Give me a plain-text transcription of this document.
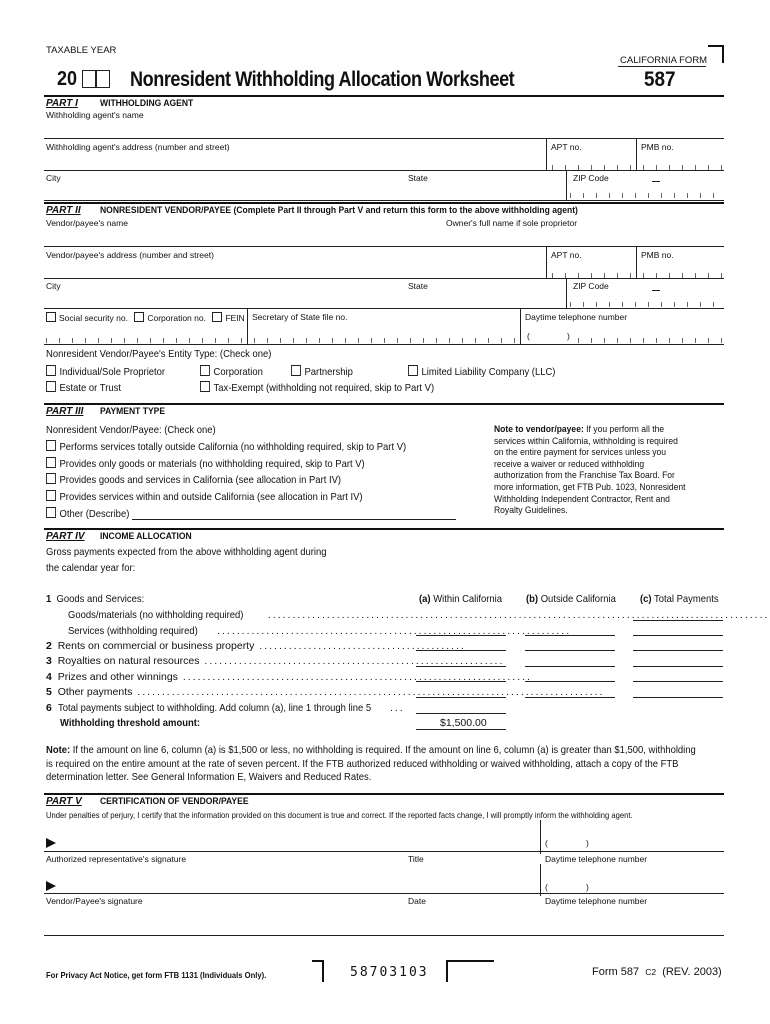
TAXABLE YEAR
CALIFORNIA FORM
20	Nonresident Withholding Allocation Worksheet	587
PART I WITHHOLDING AGENT
Withholding agent's name
Withholding agent's address (number and street)	APT no.	PMB no.
City	State	ZIP Code
PART II NONRESIDENT VENDOR/PAYEE (Complete Part II through Part V and return this form to the above withholding agent)
Vendor/payee's name	Owner's full name if sole proprietor
Vendor/payee's address (number and street)	APT no.	PMB no.
City	State	ZIP Code
Social security no. Corporation no. FEIN Secretary of State file no.	Daytime telephone number
(	)
Nonresident Vendor/Payee's Entity Type: (Check one)
Individual/Sole Proprietor	Corporation	Partnership	Limited Liability Company (LLC)
Estate or Trust	Tax-Exempt (withholding not required, skip to Part V)
PART III PAYMENT TYPE
Nonresident Vendor/Payee: (Check one)
Performs services totally outside California (no withholding required, skip to Part V)
Provides only goods or materials (no withholding required, skip to Part V)
Provides goods and services in California (see allocation in Part IV)
Provides services within and outside California (see allocation in Part IV)
Other (Describe)
Note to vendor/payee: If you perform all the
services within California, withholding is required
on the entire payment for services unless you
receive a waiver or reduced withholding
authorization from the Franchise Tax Board. For
more information, get FTB Pub. 1023, Nonresident
Withholding Independent Contractor, Rent and
Royalty Guidelines.
PART IV INCOME ALLOCATION
Gross payments expected from the above withholding agent during
the calendar year for:
(a) Within California (b) Outside California (c) Total Payments
1 Goods and Services:
Goods/materials (no withholding required) ......................................................................................................
Services (withholding required) ........................................................................
2 Rents on commercial or business property ..........................................
3 Royalties on natural resources .............................................................
4 Prizes and other winnings .......................................................................
5 Other payments ...............................................................................................
6 Total payments subject to withholding. Add column (a), line 1 through line 5	...
Withholding threshold amount:	$1,500.00
Note: If the amount on line 6, column (a) is $1,500 or less, no withholding is required. If the amount on line 6, column (a) is greater than $1,500, withholding
is required on the entire amount at the rate of seven percent. If the FTB authorized reduced withholding or waived withholding, attach a copy of the FTB
determination letter. See General Information E, Waivers and Reduced Rates.
PART V CERTIFICATION OF VENDOR/PAYEE
Under penalties of perjury, I certify that the information provided on this document is true and correct. If the reported facts change, I will promptly inform the withholding agent.
(	)
Authorized representative's signature	Title	Daytime telephone number
(	)
Vendor/Payee's signature	Date	Daytime telephone number
For Privacy Act Notice, get form FTB 1131 (Individuals Only).	58703103	Form 587 C2 (REV. 2003)
